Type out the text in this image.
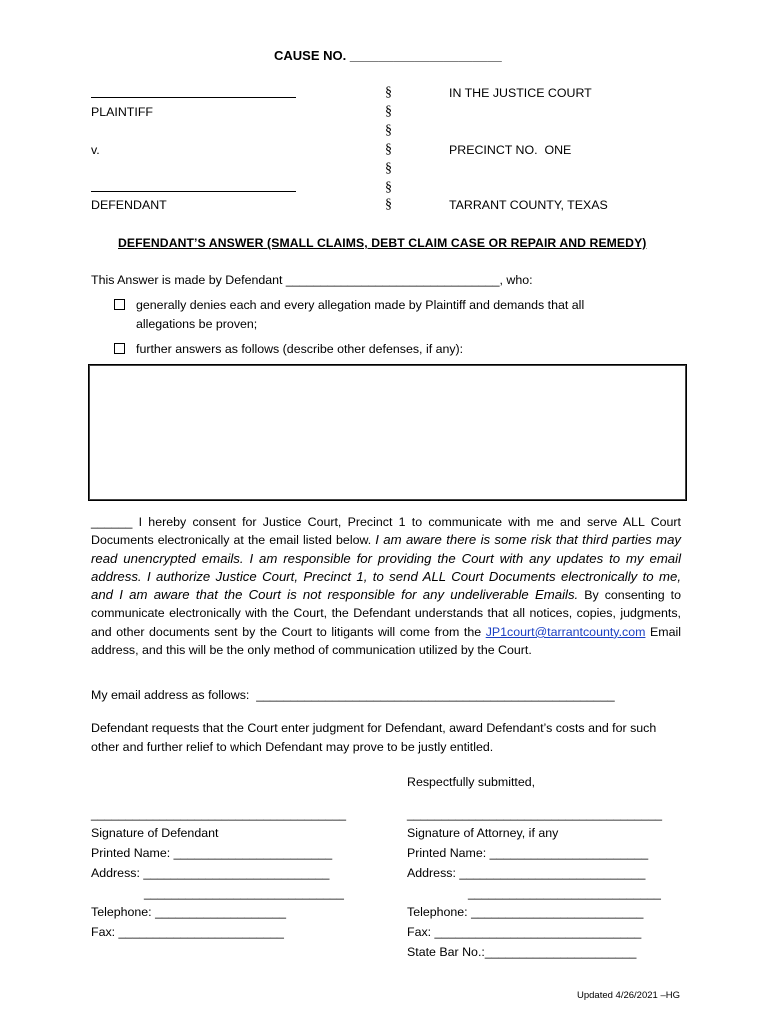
CAUSE NO. _____________________
PLAINTIFF
v.
DEFENDANT
§
§
§
§
§
§
§
IN THE JUSTICE COURT
PRECINCT NO.  ONE
TARRANT COUNTY, TEXAS
DEFENDANT’S ANSWER (SMALL CLAIMS, DEBT CLAIM CASE OR REPAIR AND REMEDY)
This Answer is made by Defendant _______________________________, who:
generally denies each and every allegation made by Plaintiff and demands that all
allegations be proven;
further answers as follows (describe other defenses, if any):
______ I hereby consent for Justice Court, Precinct 1 to communicate with me and serve ALL Court Documents electronically at the email listed below. I am aware there is some risk that third parties may read unencrypted emails. I am responsible for providing the Court with any updates to my email address. I authorize Justice Court, Precinct 1, to send ALL Court Documents electronically to me, and I am aware that the Court is not responsible for any undeliverable Emails. By consenting to communicate electronically with the Court, the Defendant understands that all notices, copies, judgments, and other documents sent by the Court to litigants will come from the JP1court@tarrantcounty.com Email address, and this will be the only method of communication utilized by the Court.
My email address as follows:  ____________________________________________________
Defendant requests that the Court enter judgment for Defendant, award Defendant’s costs and for such
other and further relief to which Defendant may prove to be justly entitled.
Respectfully submitted,
_____________________________________
Signature of Defendant
Printed Name: _______________________
Address: ___________________________
_____________________________
Telephone: ___________________
Fax: ________________________
_____________________________________
Signature of Attorney, if any
Printed Name: _______________________
Address: ___________________________
____________________________
Telephone: _________________________
Fax: ______________________________
State Bar No.:______________________
Updated 4/26/2021 –HG
